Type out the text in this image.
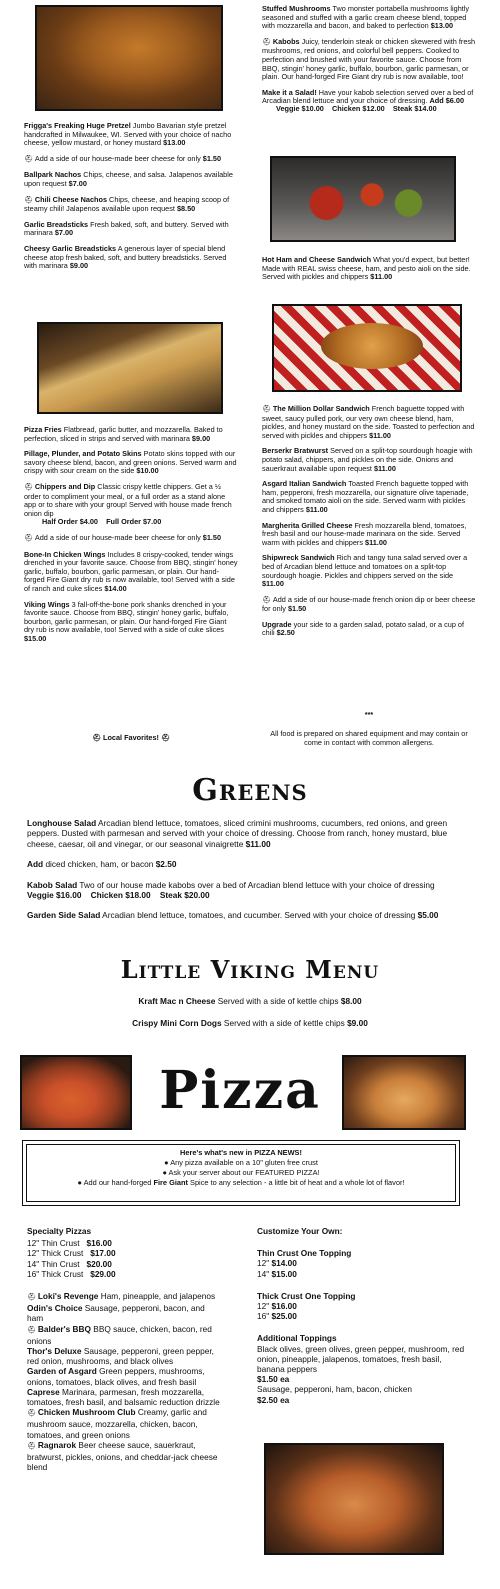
Stuffed Mushrooms Two monster portabella mushrooms lightly seasoned and stuffed with a garlic cream cheese blend, topped with mozzarella and bacon, and baked to perfection $13.00

⛑ Kabobs Juicy, tenderloin steak or chicken skewered with fresh mushrooms, red onions, and colorful bell peppers. Cooked to perfection and brushed with your favorite sauce. Choose from BBQ, stingin' honey garlic, buffalo, bourbon, garlic parmesan, or plain. Our hand-forged Fire Giant dry rub is now available, too!

Make it a Salad! Have your kabob selection served over a bed of Arcadian blend lettuce and your choice of dressing. Add $6.00

Veggie $10.00    Chicken $12.00    Steak $14.00

Hot Ham and Cheese Sandwich What you'd expect, but better! Made with REAL swiss cheese, ham, and pesto aioli on the side. Served with pickles and chippers $11.00

⛑ The Million Dollar Sandwich French baguette topped with sweet, saucy pulled pork, our very own cheese blend, ham, pickles, and honey mustard on the side. Toasted to perfection and served with pickles and chippers $11.00

Berserkr Bratwurst Served on a split-top sourdough hoagie with potato salad, chippers, and pickles on the side. Onions and sauerkraut available upon request $11.00

Asgard Italian Sandwich Toasted French baguette topped with ham, pepperoni, fresh mozzarella, our signature olive tapenade, and smoked tomato aioli on the side. Served warm with pickles and chippers $11.00

Margherita Grilled Cheese Fresh mozzarella blend, tomatoes, fresh basil and our house-made marinara on the side. Served warm with pickles and chippers $11.00

Shipwreck Sandwich Rich and tangy tuna salad served over a bed of Arcadian blend lettuce and tomatoes on a split-top sourdough hoagie. Pickles and chippers served on the side $11.00

⛑ Add a side of our house-made french onion dip or beer cheese for only $1.50

Upgrade your side to a garden salad, potato salad, or a cup of chili $2.50

***
All food is prepared on shared equipment and may contain or come in contact with common allergens.

Frigga's Freaking Huge Pretzel Jumbo Bavarian style pretzel handcrafted in Milwaukee, WI. Served with your choice of nacho cheese, yellow mustard, or honey mustard $13.00

⛑ Add a side of our house-made beer cheese for only $1.50

Ballpark Nachos Chips, cheese, and salsa. Jalapenos available upon request $7.00

⛑ Chili Cheese Nachos Chips, cheese, and heaping scoop of steamy chili! Jalapenos available upon request $8.50

Garlic Breadsticks Fresh baked, soft, and buttery. Served with marinara $7.00

Cheesy Garlic Breadsticks A generous layer of special blend cheese atop fresh baked, soft, and buttery breadsticks. Served with marinara $9.00

Pizza Fries Flatbread, garlic butter, and mozzarella. Baked to perfection, sliced in strips and served with marinara $9.00

Pillage, Plunder, and Potato Skins Potato skins topped with our savory cheese blend, bacon, and green onions. Served warm and crispy with sour cream on the side $10.00

⛑ Chippers and Dip Classic crispy kettle chippers. Get a ½ order to compliment your meal, or a full order as a stand alone app or to share with your group! Served with house made french onion dip
Half Order $4.00 Full Order $7.00

⛑ Add a side of our house-made beer cheese for only $1.50

Bone-In Chicken Wings Includes 8 crispy-cooked, tender wings drenched in your favorite sauce. Choose from BBQ, stingin' honey garlic, buffalo, bourbon, garlic parmesan, or plain. Our hand-forged Fire Giant dry rub is now available, too! Served with a side of ranch and cuke slices $14.00

Viking Wings 3 fall-off-the-bone pork shanks drenched in your favorite sauce. Choose from BBQ, stingin' honey garlic, buffalo, bourbon, garlic parmesan, or plain. Our hand-forged Fire Giant dry rub is now available, too! Served with a side of cuke slices $15.00

⛑ Local Favorites! ⛑
Greens

Longhouse Salad Arcadian blend lettuce, tomatoes, sliced crimini mushrooms, cucumbers, red onions, and green peppers. Dusted with parmesan and served with your choice of dressing. Choose from ranch, honey mustard, blue cheese, caesar, oil and vinegar, or our seasonal vinaigrette $11.00

Add diced chicken, ham, or bacon $2.50

Kabob Salad Two of our house made kabobs over a bed of Arcadian blend lettuce with your choice of dressing Veggie $16.00    Chicken $18.00    Steak $20.00

Garden Side Salad Arcadian blend lettuce, tomatoes, and cucumber. Served with your choice of dressing $5.00

Little Viking Menu

Kraft Mac n Cheese Served with a side of kettle chips $8.00

Crispy Mini Corn Dogs Served with a side of kettle chips $9.00

Pizza
Here's what's new in PIZZA NEWS!
● Any pizza available on a 10" gluten free crust
● Ask your server about our FEATURED PIZZA!
● Add our hand-forged Fire Giant Spice to any selection - a little bit of heat and a whole lot of flavor!
Specialty Pizzas
12" Thin Crust $16.00
12" Thick Crust $17.00
14" Thin Crust $20.00
16" Thick Crust $29.00
⛑ Loki's Revenge Ham, pineapple, and jalapenos
Odin's Choice Sausage, pepperoni, bacon, and ham
⛑ Balder's BBQ BBQ sauce, chicken, bacon, red onions
Thor's Deluxe Sausage, pepperoni, green pepper, red onion, mushrooms, and black olives
Garden of Asgard Green peppers, mushrooms, onions, tomatoes, black olives, and fresh basil
Caprese Marinara, parmesan, fresh mozzarella, tomatoes, fresh basil, and balsamic reduction drizzle
⛑ Chicken Mushroom Club Creamy, garlic and mushroom sauce, mozzarella, chicken, bacon, tomatoes, and green onions
⛑ Ragnarok Beer cheese sauce, sauerkraut, bratwurst, pickles, onions, and cheddar-jack cheese blend
Customize Your Own:
Thin Crust One Topping
12" $14.00
14" $15.00
Thick Crust One Topping
12" $16.00
16" $25.00
Additional Toppings
Black olives, green olives, green pepper, mushroom, red onion, pineapple, jalapenos, tomatoes, fresh basil, banana peppers
$1.50 ea
Sausage, pepperoni, ham, bacon, chicken
$2.50 ea
